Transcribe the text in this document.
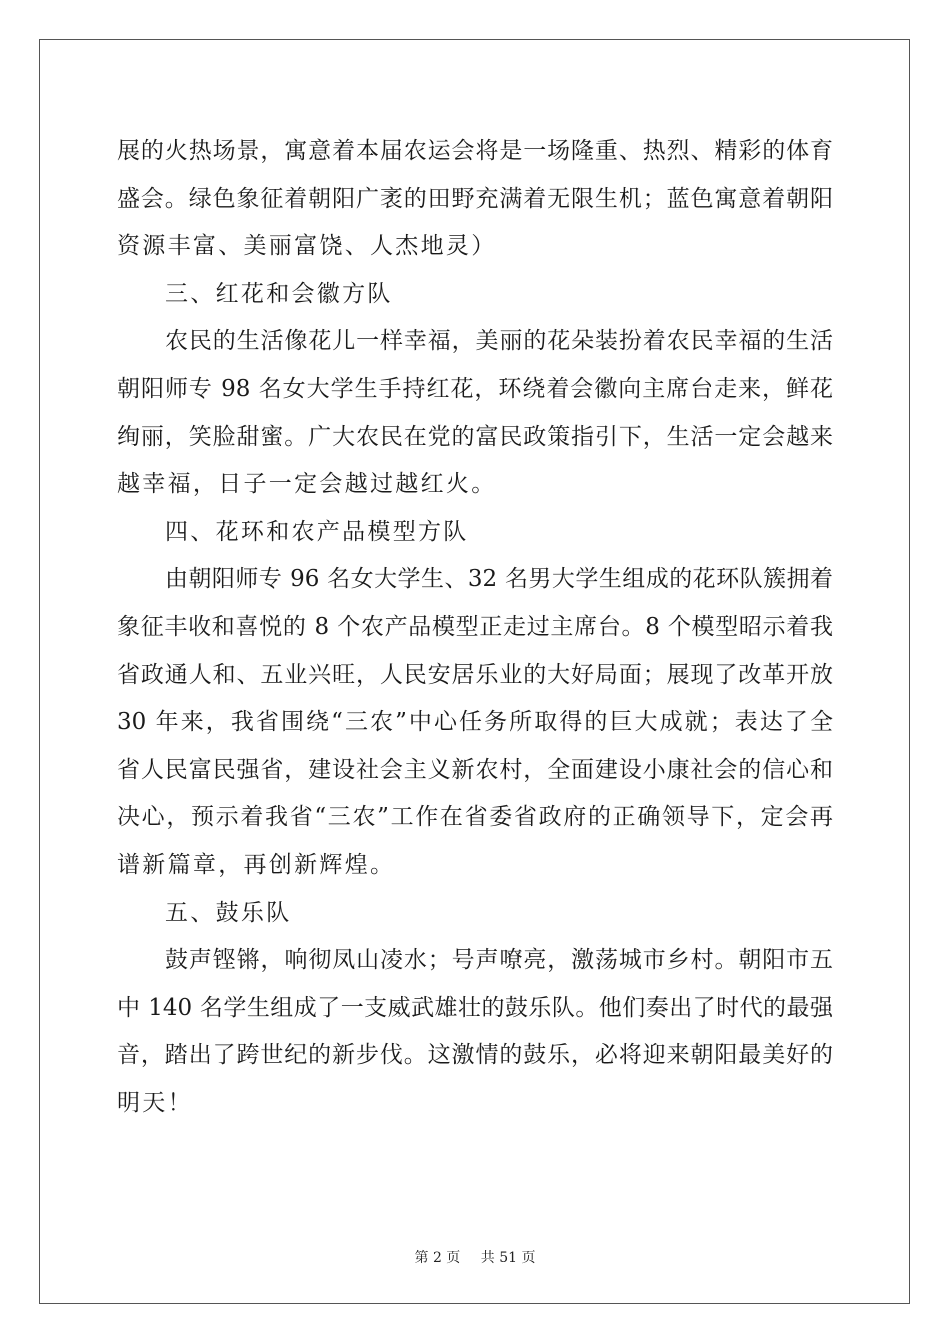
展的火热场景，寓意着本届农运会将是一场隆重、热烈、精彩的体育
盛会。绿色象征着朝阳广袤的田野充满着无限生机；蓝色寓意着朝阳
资源丰富、美丽富饶、人杰地灵）
三、红花和会徽方队
农民的生活像花儿一样幸福，美丽的花朵装扮着农民幸福的生活
朝阳师专 98 名女大学生手持红花，环绕着会徽向主席台走来，鲜花
绚丽，笑脸甜蜜。广大农民在党的富民政策指引下，生活一定会越来
越幸福，日子一定会越过越红火。
四、花环和农产品模型方队
由朝阳师专 96 名女大学生、32 名男大学生组成的花环队簇拥着
象征丰收和喜悦的 8 个农产品模型正走过主席台。8 个模型昭示着我
省政通人和、五业兴旺，人民安居乐业的大好局面；展现了改革开放
30 年来，我省围绕“三农”中心任务所取得的巨大成就；表达了全
省人民富民强省，建设社会主义新农村，全面建设小康社会的信心和
决心，预示着我省“三农”工作在省委省政府的正确领导下，定会再
谱新篇章，再创新辉煌。
五、鼓乐队
鼓声铿锵，响彻凤山凌水；号声嘹亮，激荡城市乡村。朝阳市五
中 140 名学生组成了一支威武雄壮的鼓乐队。他们奏出了时代的最强
音，踏出了跨世纪的新步伐。这激情的鼓乐，必将迎来朝阳最美好的
明天！
第 2 页 共 51 页
